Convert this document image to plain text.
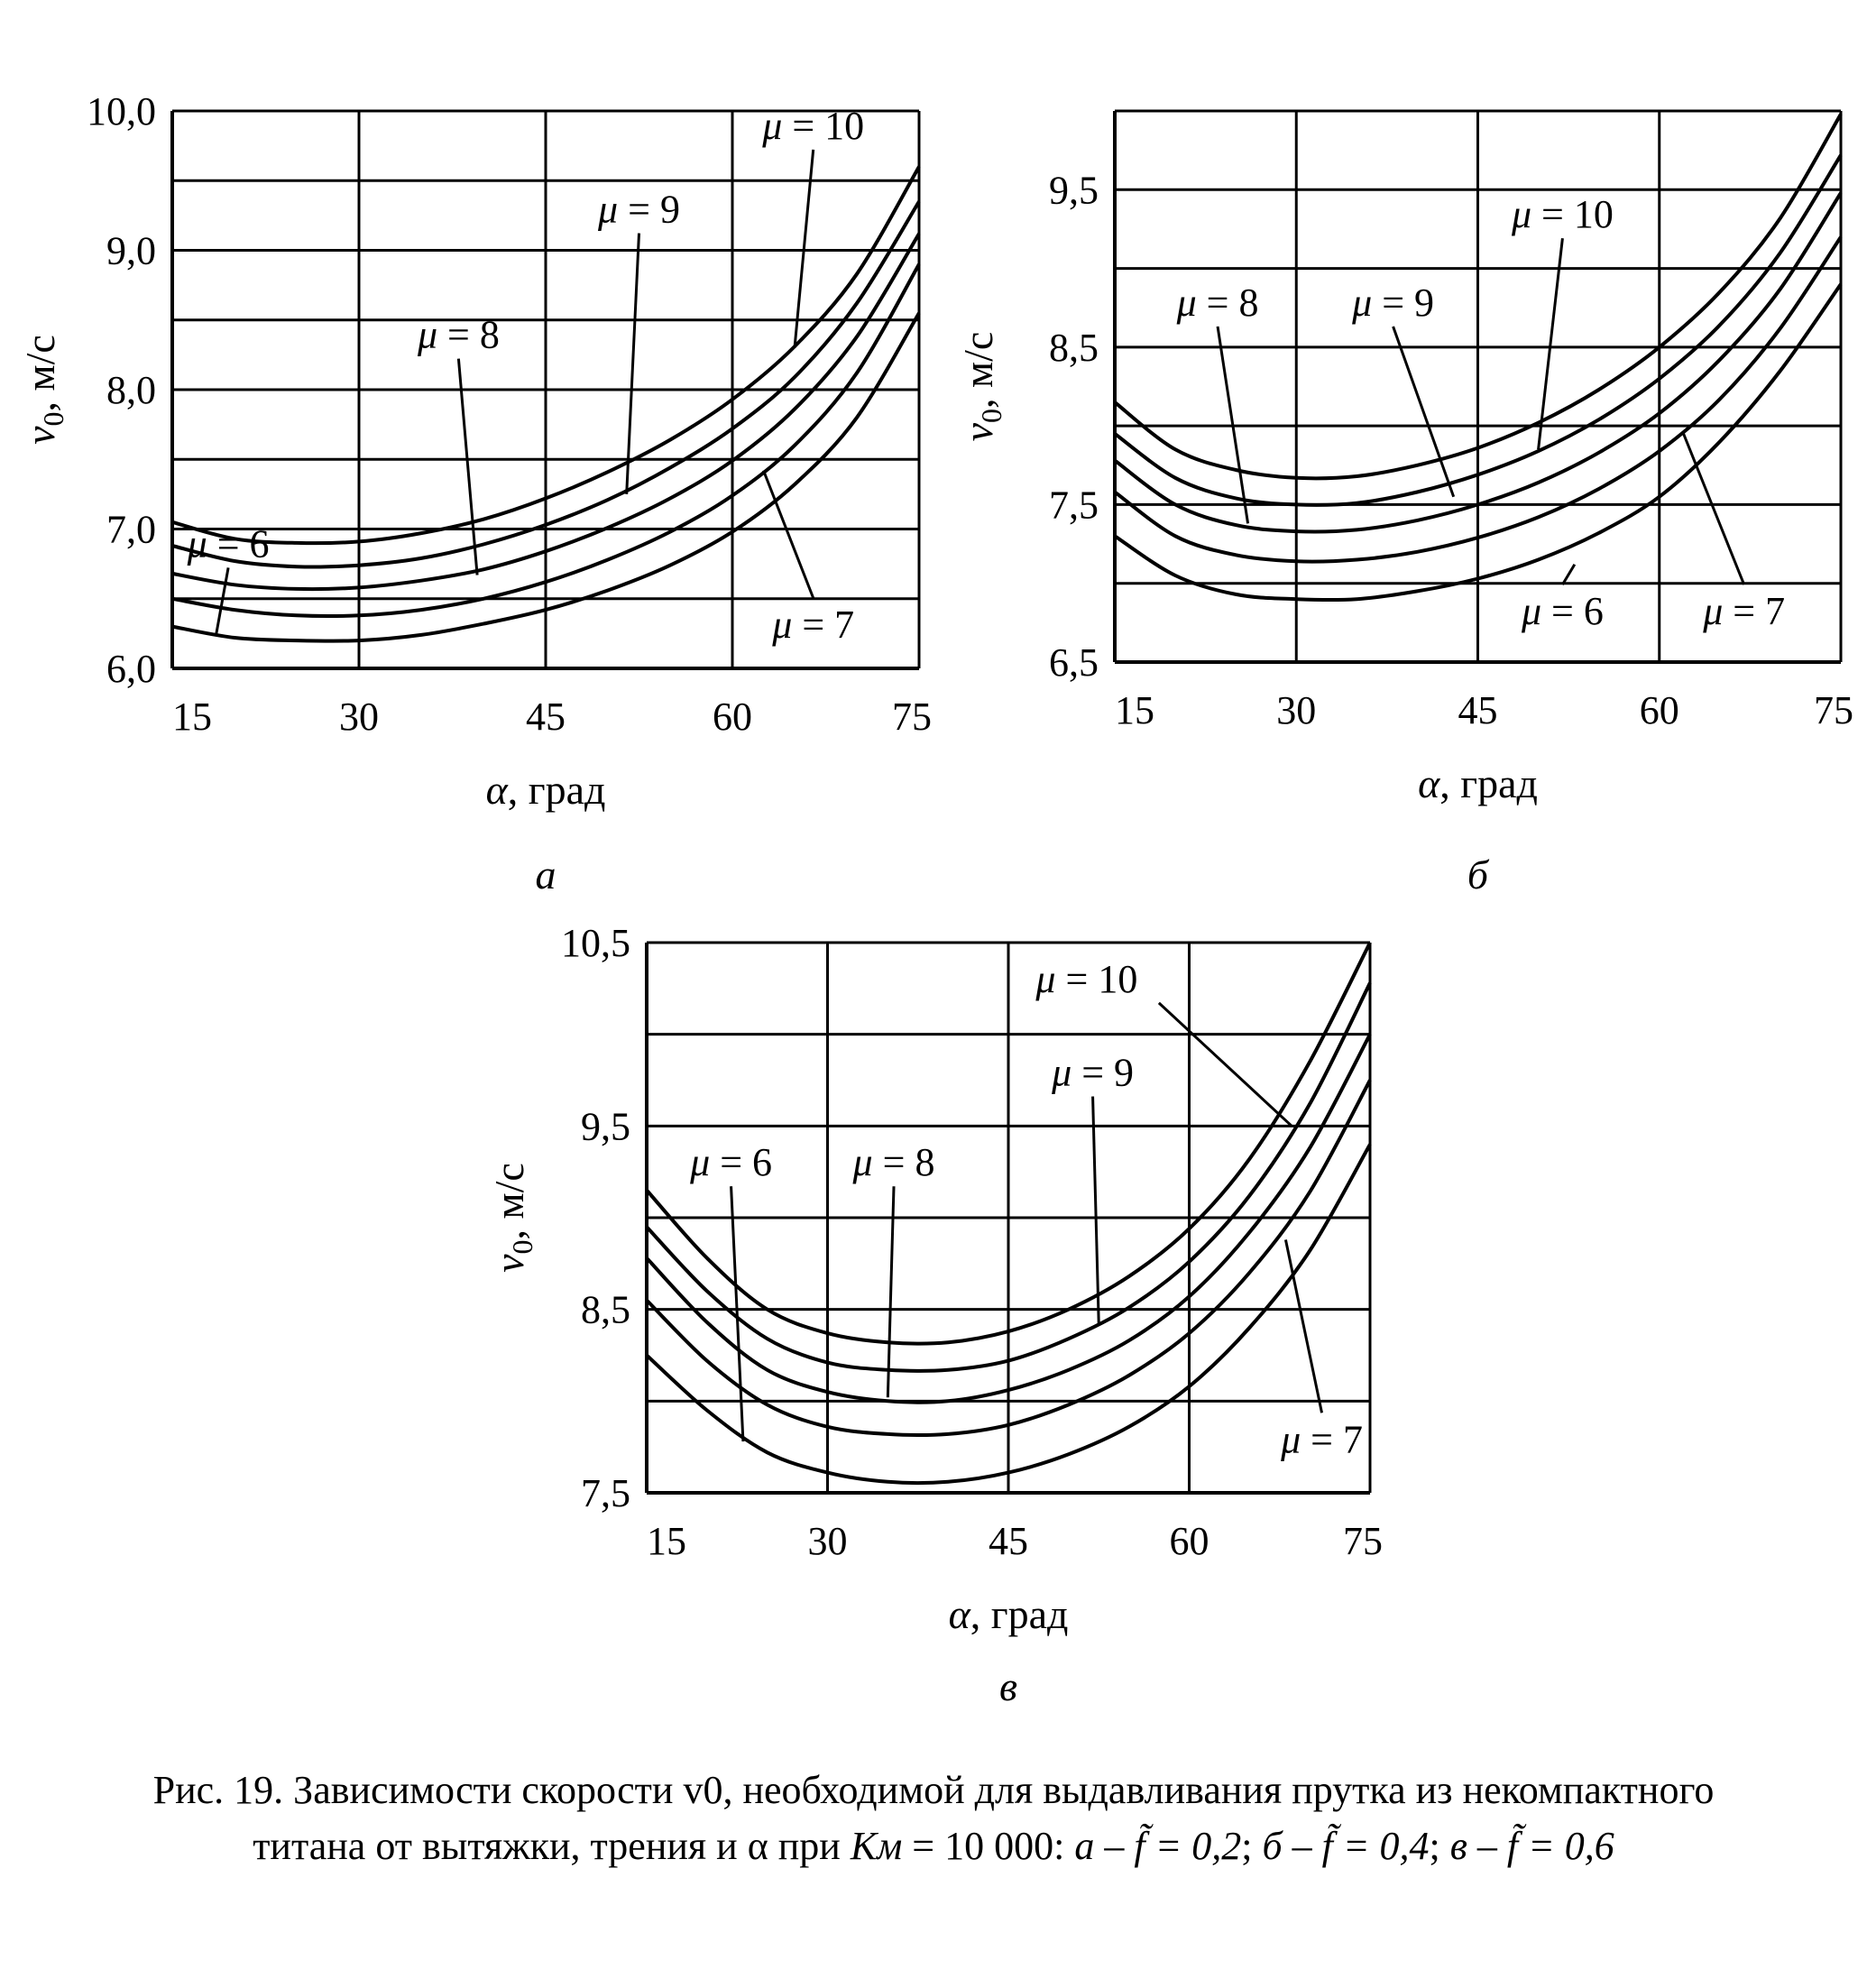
15	30	45	60	75
6,0
7,0
8,0
9,0
10,0
α, град
$v_0$, м/с
μ = 6
μ = 8
μ = 9
μ = 10
μ = 7
а
15	30	45	60	75
6,5
7,5
8,5
9,5
α, град
$v_0$, м/с
μ = 8 μ = 9
μ = 10
μ = 6	μ = 7
б
15	30	45	60	75
7,5
8,5
9,5
10,5
α, град
$v_0$, м/с
μ = 6 μ = 8
μ = 9
μ = 10
μ = 7
в
Рис. 19. Зависимости скорости v0, необходимой для выдавливания прутка из некомпактного
титана от вытяжки, трения и α при Kм = 10 000: а – f̃ = 0,2; б – f̃ = 0,4; в – f̃ = 0,6
